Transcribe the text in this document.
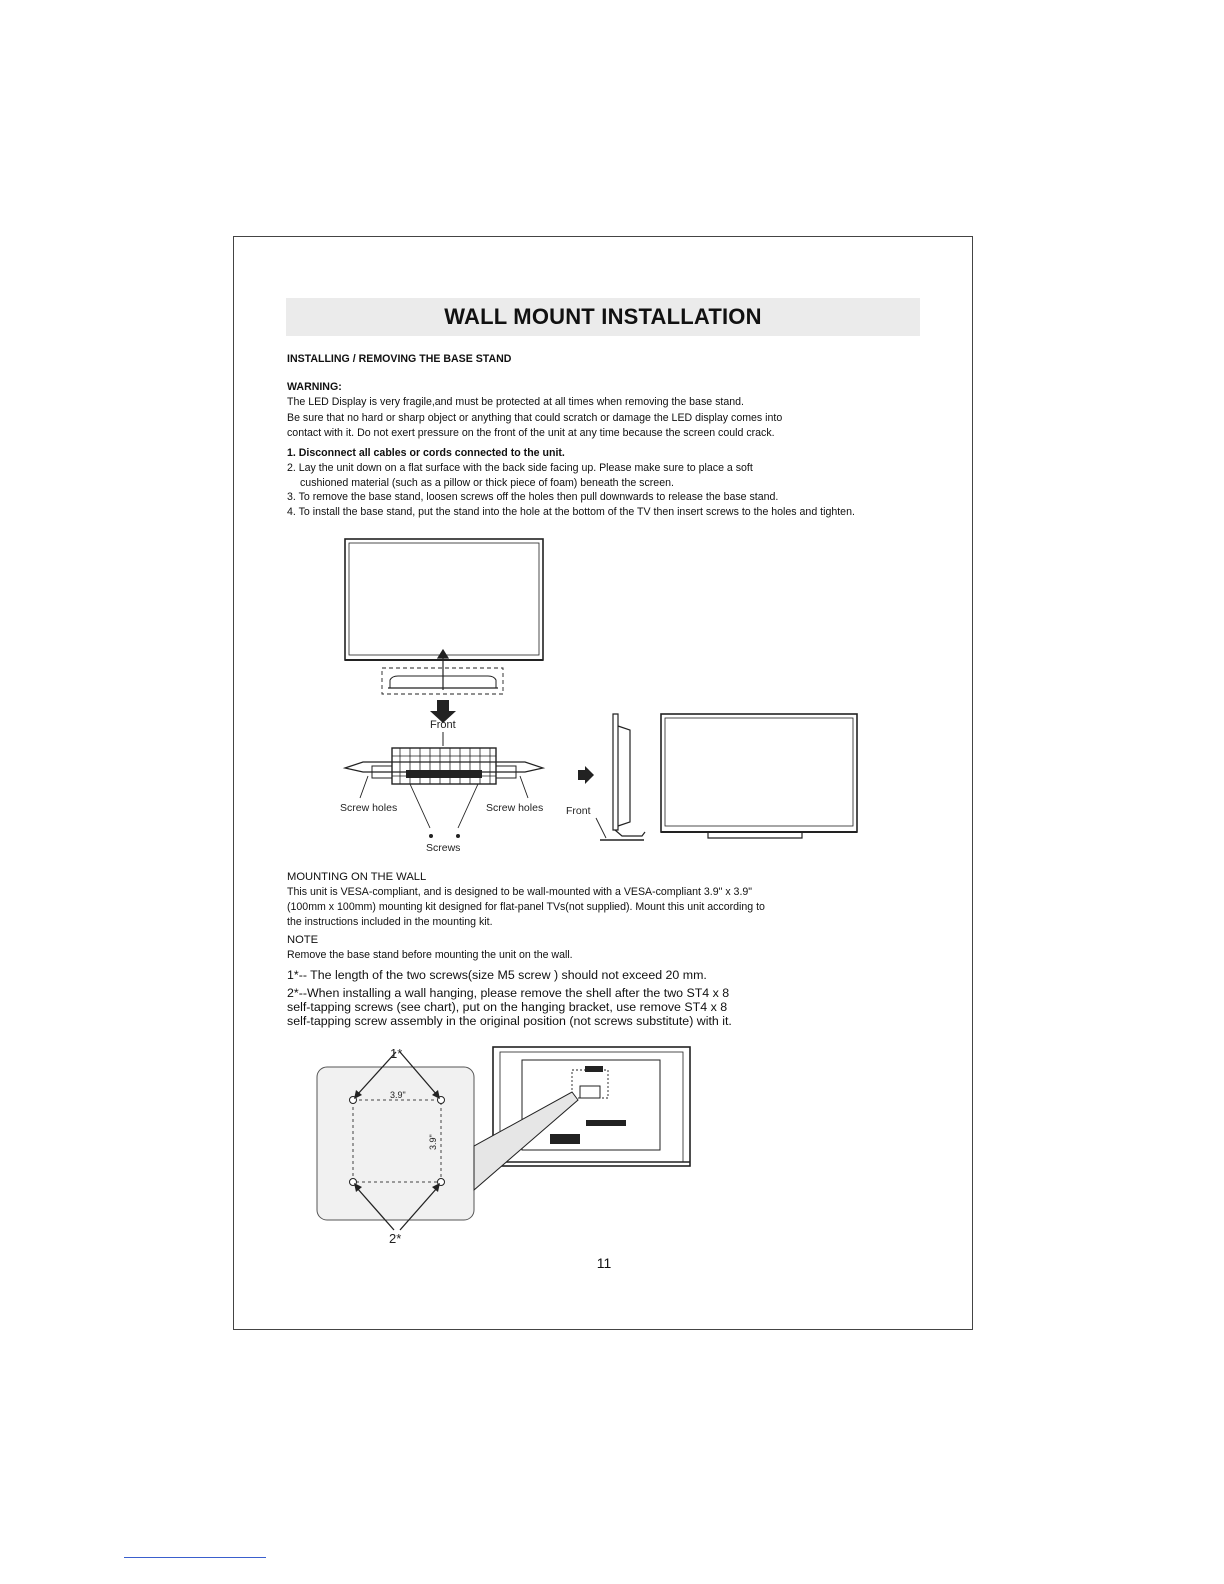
WALL MOUNT INSTALLATION
INSTALLING / REMOVING THE BASE STAND
WARNING:
The LED Display is very fragile,and must be protected at all times when removing the base stand.
Be sure that no hard or sharp object or anything that could scratch or damage the LED display comes into
contact with it. Do not exert pressure on the front of the unit at any time because the screen could crack.
1. Disconnect all cables or cords connected to the unit.
2. Lay the unit down on a flat surface with the back side facing up. Please make sure to place a soft
cushioned material (such as a pillow or thick piece of foam) beneath the screen.
3. To remove the base stand, loosen screws off the holes then pull downwards to release the base stand.
4. To install the base stand, put the stand into the hole at the bottom of the TV then insert screws to the holes and tighten.
Front
Screw holes	Screw holes
Screws
Front
MOUNTING ON THE WALL
This unit is VESA-compliant, and is designed to be wall-mounted with a VESA-compliant 3.9" x 3.9"
(100mm x 100mm) mounting kit designed for flat-panel TVs(not supplied). Mount this unit according to
the instructions included in the mounting kit.
NOTE
Remove the base stand before mounting the unit on the wall.
1*-- The length of the two screws(size M5 screw ) should not exceed 20 mm.
2*--When installing a wall hanging, please remove the shell after the two ST4 x 8
self-tapping screws (see chart), put on the hanging bracket, use remove ST4 x 8
self-tapping screw assembly in the original position (not screws substitute) with it.
3.9"
3.9"
1*
2*
11
